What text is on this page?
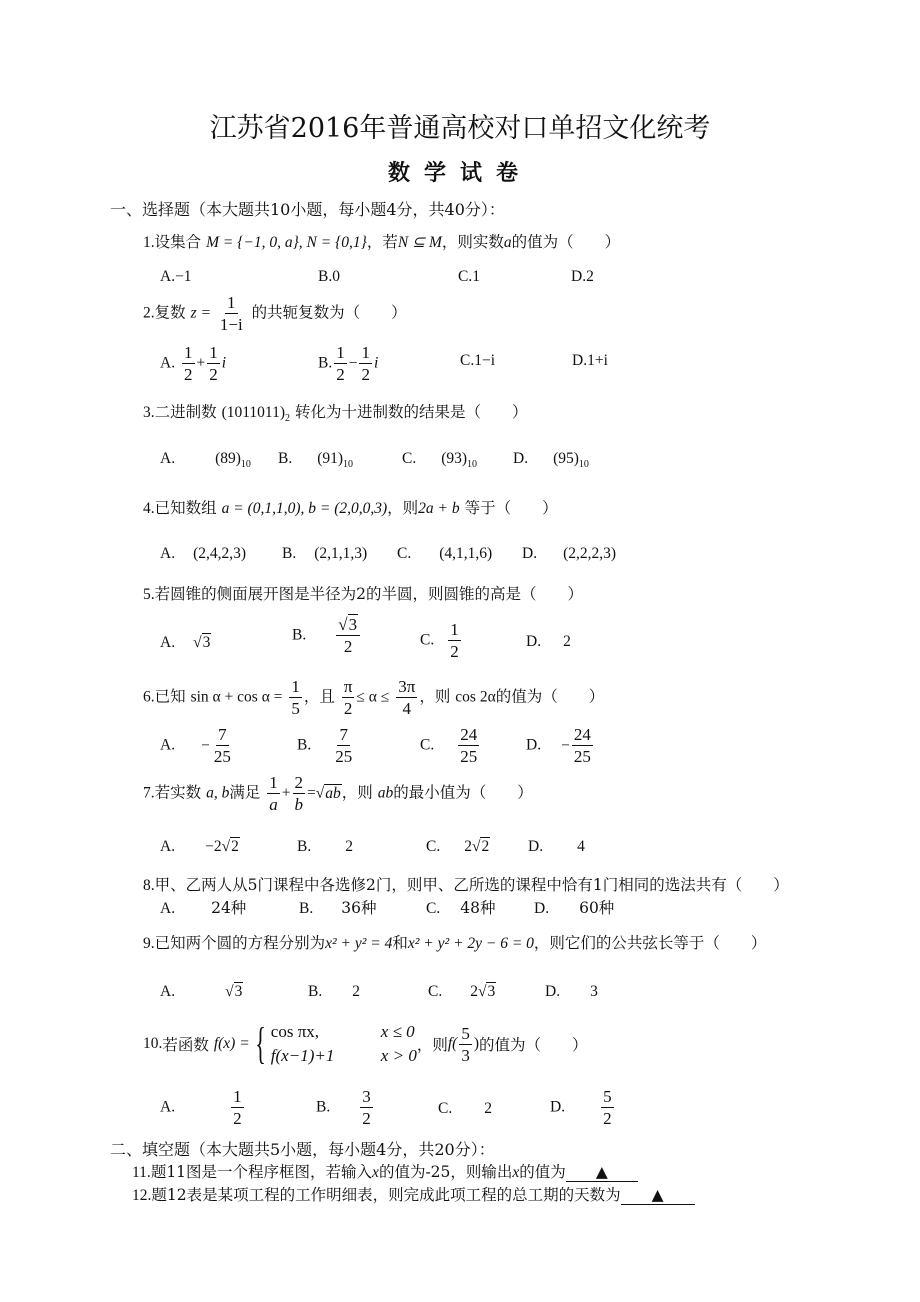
江苏省2016年普通高校对口单招文化统考
数学试卷
一、选择题（本大题共10小题，每小题4分，共40分）：
1.设集合 M = {−1, 0, a}, N = {0,1}，若N ⊆ M，则实数a的值为（　　）
A.−1	B.0	C.1	D.2
2.复数 $z = \frac{1}{1-i}$ 的共轭复数为（　　）
A. $\frac{1}{2} + \frac{1}{2}$ i	B. $\frac{1}{2} - \frac{1}{2}$ i	C.1−i	D.1+i
3.二进制数 $(1011011)_2$ 转化为十进制数的结果是（　　）
A.	$(89)_{10}$ B. $(91)_{10}$	C. $(93)_{10}$ D. $(95)_{10}$
4.已知数组 a = (0,1,1,0), b = (2,0,0,3)，则2a + b 等于（　　）
A. (2,4,2,3) B. (2,1,1,3) C. (4,1,1,6) D. (2,2,2,3)
5.若圆锥的侧面展开图是半径为2的半圆，则圆锥的高是（　　）
A. √3	B. $\frac{√3}{2}$	C. $\frac{1}{2}$	D. 2
6.已知 $\sin \alpha + \cos \alpha = \frac{1}{5}$ ，且 $\frac{\pi}{2} \le \alpha \le \frac{3\pi}{4}$ ，则 cos 2α的值为（　　）
A. − $\frac{7}{25}$	B. $\frac{7}{25}$	C. $\frac{24}{25}$	D. − $\frac{24}{25}$
7.若实数 a, b满足 $\frac{1}{a} + \frac{2}{b} =√ab$，则 ab的最小值为（　　）
A. −2√2	B. 2	C. 2√2	D. 4
8.甲、乙两人从5门课程中各选修2门，则甲、乙所选的课程中恰有1门相同的选法共有（　　）
A. 24种	B. 36种	C. 48种 D. 60种
9.已知两个圆的方程分别为x² + y² = 4和x² + y² + 2y − 6 = 0，则它们的公共弦长等于（　　）
A.	√3	B. 2	C. 2√3	D. 3
10.若函数 f(x) = { cos πx,	x ≤ 0
f(x−1)+1	x > 0
，则$f( \frac{5}{3}$ )的值为（　　）
A.	$\frac{1}{2}$	B. $\frac{3}{2}$	C. 2	D. $\frac{5}{2}$
二、填空题（本大题共5小题，每小题4分，共20分）：
11.题11图是一个程序框图，若输入x的值为-25，则输出x的值为 ▲
12.题12表是某项工程的工作明细表，则完成此项工程的总工期的天数为 ▲
